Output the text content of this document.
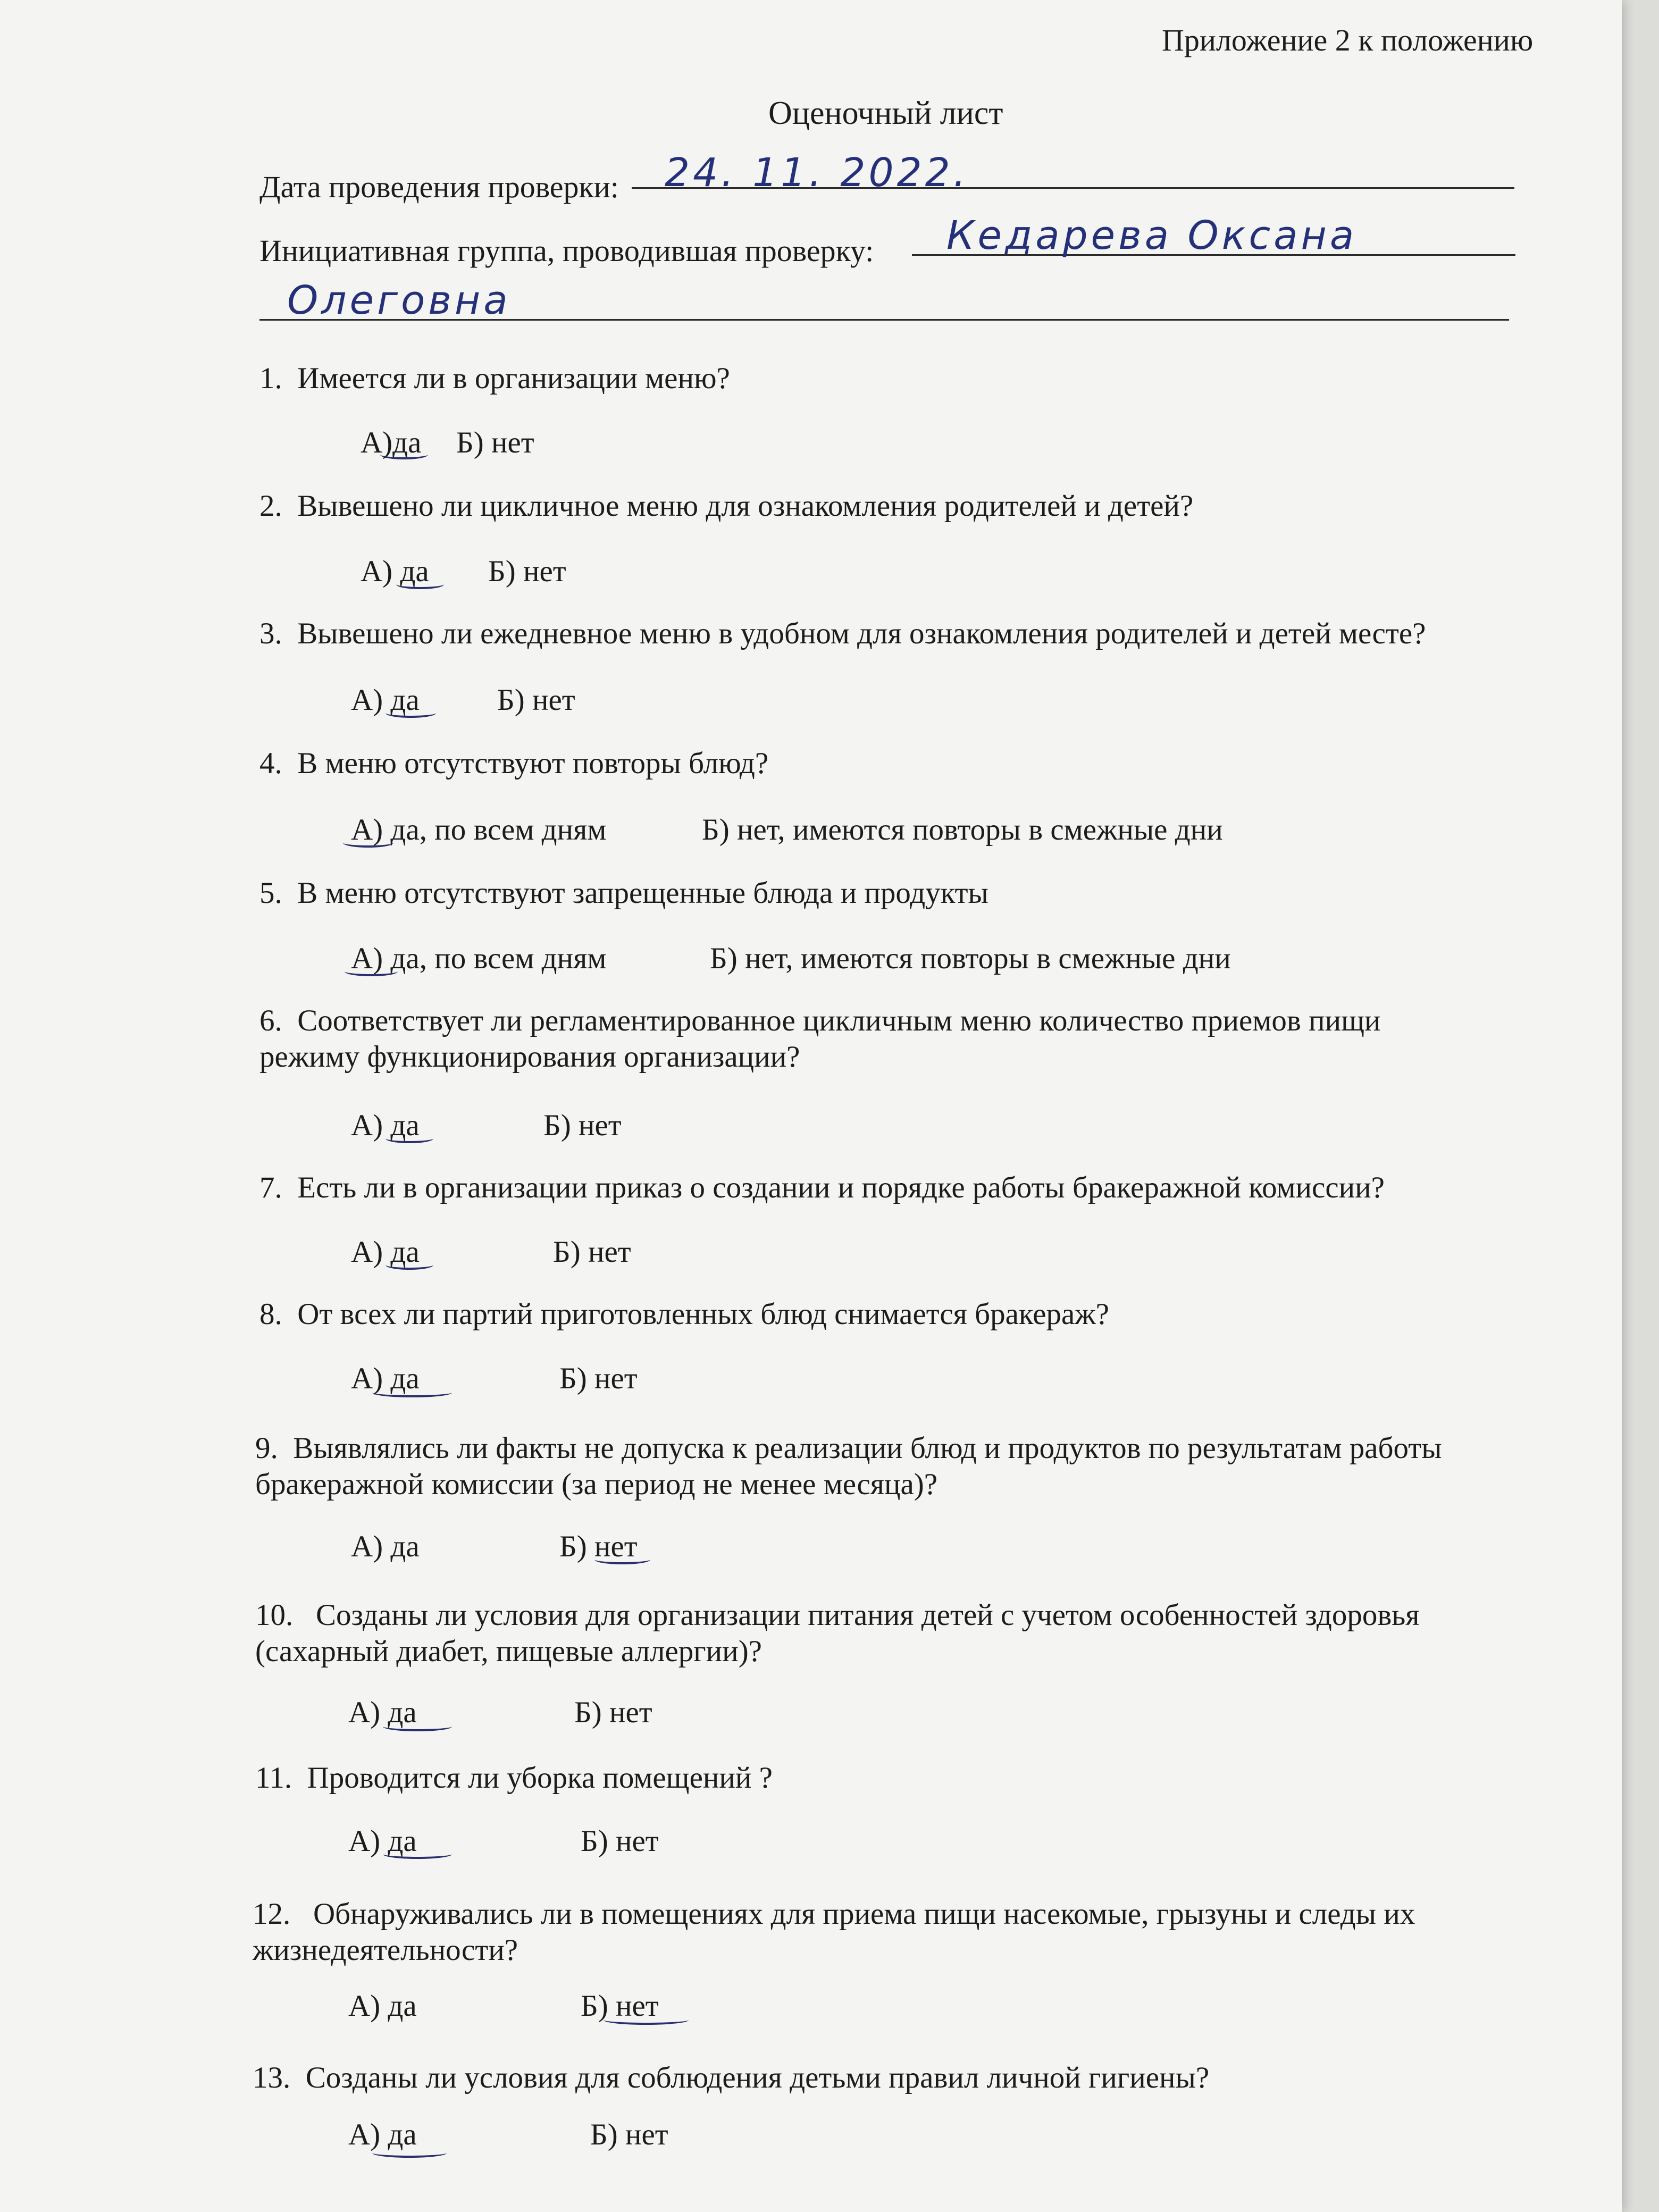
Приложение 2 к положению
Оценочный лист
Дата проведения проверки: 24. 11. 2022.
Инициативная группа, проводившая проверку: Кедарева Оксана
Олеговна
1. Имеется ли в организации меню?
А)да Б) нет
2. Вывешено ли цикличное меню для ознакомления родителей и детей?
А) да Б) нет
3. Вывешено ли ежедневное меню в удобном для ознакомления родителей и детей месте?
А) да	Б) нет
4. В меню отсутствуют повторы блюд?
А) да, по всем дням	Б) нет, имеются повторы в смежные дни
5. В меню отсутствуют запрещенные блюда и продукты
А) да, по всем дням	Б) нет, имеются повторы в смежные дни
6. Соответствует ли регламентированное цикличным меню количество приемов пищи
режиму функционирования организации?
А) да	Б) нет
7. Есть ли в организации приказ о создании и порядке работы бракеражной комиссии?
А) да	Б) нет
8. От всех ли партий приготовленных блюд снимается бракераж?
А) да	Б) нет
9. Выявлялись ли факты не допуска к реализации блюд и продуктов по результатам работы
бракеражной комиссии (за период не менее месяца)?
А) да	Б) нет
10. Созданы ли условия для организации питания детей с учетом особенностей здоровья
(сахарный диабет, пищевые аллергии)?
А) да	Б) нет
11. Проводится ли уборка помещений ?
А) да	Б) нет
12. Обнаруживались ли в помещениях для приема пищи насекомые, грызуны и следы их
жизнедеятельности?
А) да	Б) нет
13. Созданы ли условия для соблюдения детьми правил личной гигиены?
А) да	Б) нет
